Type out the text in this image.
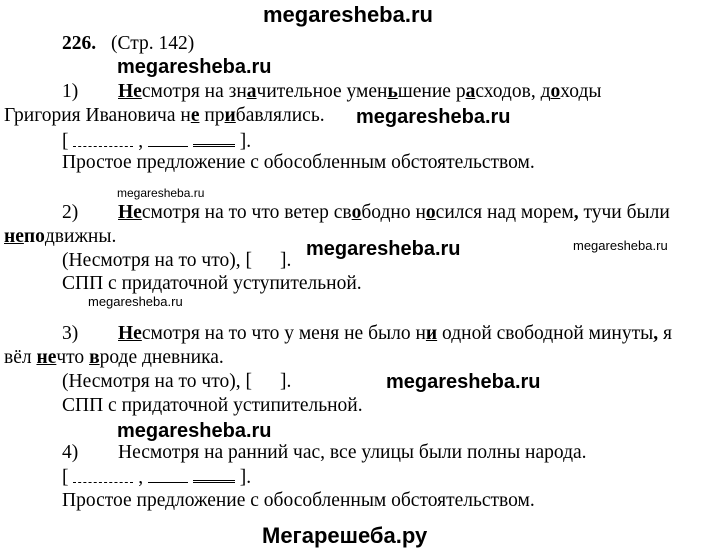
megaresheba.ru
megaresheba.ru
megaresheba.ru
megaresheba.ru
megaresheba.ru	megaresheba.ru
megaresheba.ru
megaresheba.ru
megaresheba.ru
Мегарешеба.ру
226. (Стр. 142)
1) Несмотря на значительное уменьшение расходов, доходы
Григория Ивановича не прибавлялись.
[	,	].
Простое предложение с обособленным обстоятельством.
2) Несмотря на то что ветер свободно носился над морем, тучи были
неподвижны.
(Несмотря на то что), [ ].
СПП с придаточной уступительной.
3) Несмотря на то что у меня не было ни одной свободной минуты, я
вёл нечто вроде дневника.
(Несмотря на то что), [ ].
СПП с придаточной устипительной.
4) Несмотря на ранний час, все улицы были полны народа.
[	,	].
Простое предложение с обособленным обстоятельством.
